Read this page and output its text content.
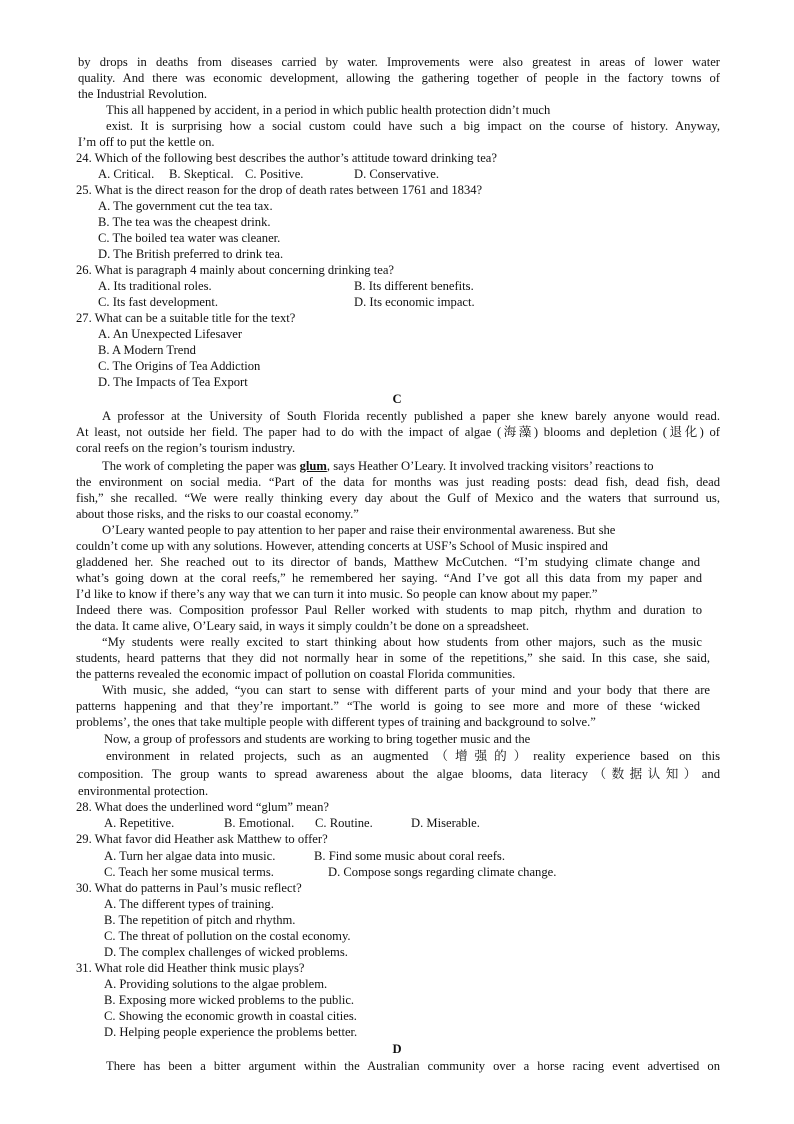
by drops in deaths from diseases carried by water. Improvements were also greatest in areas of lower water
quality. And there was economic development, allowing the gathering together of people in the factory towns of
the Industrial Revolution.
This all happened by accident, in a period in which public health protection didn’t much
exist. It is surprising how a social custom could have such a big impact on the course of history. Anyway,
I’m off to put the kettle on.
24. Which of the following best describes the author’s attitude toward drinking tea?
A. Critical. B. Skeptical. C. Positive.	D. Conservative.
25. What is the direct reason for the drop of death rates between 1761 and 1834?
A. The government cut the tea tax.
B. The tea was the cheapest drink.
C. The boiled tea water was cleaner.
D. The British preferred to drink tea.
26. What is paragraph 4 mainly about concerning drinking tea?
A. Its traditional roles.	B. Its different benefits.
C. Its fast development.	D. Its economic impact.
27. What can be a suitable title for the text?
A. An Unexpected Lifesaver
B. A Modern Trend
C. The Origins of Tea Addiction
D. The Impacts of Tea Export
C
A professor at the University of South Florida recently published a paper she knew barely anyone would read.
At least, not outside her field. The paper had to do with the impact of algae (海藻) blooms and depletion (退化) of
coral reefs on the region’s tourism industry.
The work of completing the paper was glum, says Heather O’Leary. It involved tracking visitors’ reactions to
the environment on social media. “Part of the data for months was just reading posts: dead fish, dead fish, dead
fish,” she recalled. “We were really thinking every day about the Gulf of Mexico and the waters that surround us,
about those risks, and the risks to our coastal economy.”
O’Leary wanted people to pay attention to her paper and raise their environmental awareness. But she
couldn’t come up with any solutions. However, attending concerts at USF’s School of Music inspired and
gladdened her. She reached out to its director of bands, Matthew McCutchen. “I’m studying climate change and
what’s going down at the coral reefs,” he remembered her saying. “And I’ve got all this data from my paper and
I’d like to know if there’s any way that we can turn it into music. So people can know about my paper.”
Indeed there was. Composition professor Paul Reller worked with students to map pitch, rhythm and duration to
the data. It came alive, O’Leary said, in ways it simply couldn’t be done on a spreadsheet.
“My students were really excited to start thinking about how students from other majors, such as the music
students, heard patterns that they did not normally hear in some of the repetitions,” she said. In this case, she said,
the patterns revealed the economic impact of pollution on coastal Florida communities.
With music, she added, “you can start to sense with different parts of your mind and your body that there are
patterns happening and that they’re important.” “The world is going to see more and more of these ‘wicked
problems’, the ones that take multiple people with different types of training and background to solve.”
Now, a group of professors and students are working to bring together music and the
environment in related projects, such as an augmented（增强的）reality experience based on this
composition. The group wants to spread awareness about the algae blooms, data literacy（数据认知）and
environmental protection.
28. What does the underlined word “glum” mean?
A. Repetitive.	B. Emotional. C. Routine.	D. Miserable.
29. What favor did Heather ask Matthew to offer?
A. Turn her algae data into music.	B. Find some music about coral reefs.
C. Teach her some musical terms.	D. Compose songs regarding climate change.
30. What do patterns in Paul’s music reflect?
A. The different types of training.
B. The repetition of pitch and rhythm.
C. The threat of pollution on the costal economy.
D. The complex challenges of wicked problems.
31. What role did Heather think music plays?
A. Providing solutions to the algae problem.
B. Exposing more wicked problems to the public.
C. Showing the economic growth in coastal cities.
D. Helping people experience the problems better.
D
There has been a bitter argument within the Australian community over a horse racing event advertised on
